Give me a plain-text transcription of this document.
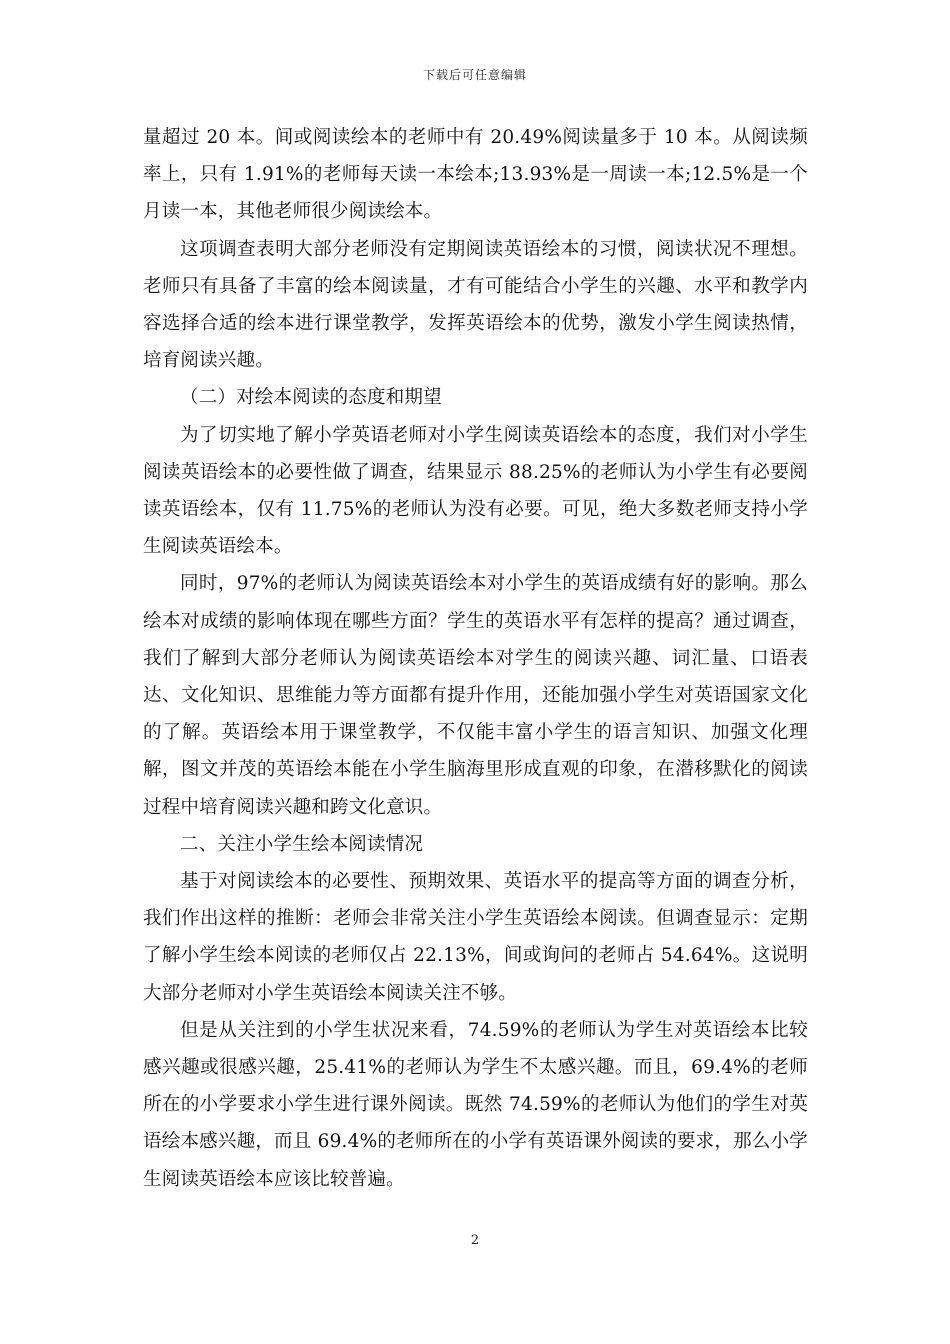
下载后可任意编辑

量超过 20 本。间或阅读绘本的老师中有 20.49%阅读量多于 10 本。从阅读频率上，只有 1.91%的老师每天读一本绘本;13.93%是一周读一本;12.5%是一个月读一本，其他老师很少阅读绘本。

这项调查表明大部分老师没有定期阅读英语绘本的习惯，阅读状况不理想。老师只有具备了丰富的绘本阅读量，才有可能结合小学生的兴趣、水平和教学内容选择合适的绘本进行课堂教学，发挥英语绘本的优势，激发小学生阅读热情，培育阅读兴趣。

（二）对绘本阅读的态度和期望

为了切实地了解小学英语老师对小学生阅读英语绘本的态度，我们对小学生阅读英语绘本的必要性做了调查，结果显示 88.25%的老师认为小学生有必要阅读英语绘本，仅有 11.75%的老师认为没有必要。可见，绝大多数老师支持小学生阅读英语绘本。

同时，97%的老师认为阅读英语绘本对小学生的英语成绩有好的影响。那么绘本对成绩的影响体现在哪些方面？学生的英语水平有怎样的提高？通过调查，我们了解到大部分老师认为阅读英语绘本对学生的阅读兴趣、词汇量、口语表达、文化知识、思维能力等方面都有提升作用，还能加强小学生对英语国家文化的了解。英语绘本用于课堂教学，不仅能丰富小学生的语言知识、加强文化理解，图文并茂的英语绘本能在小学生脑海里形成直观的印象，在潜移默化的阅读过程中培育阅读兴趣和跨文化意识。

二、关注小学生绘本阅读情况

基于对阅读绘本的必要性、预期效果、英语水平的提高等方面的调查分析，我们作出这样的推断：老师会非常关注小学生英语绘本阅读。但调查显示：定期了解小学生绘本阅读的老师仅占 22.13%，间或询问的老师占 54.64%。这说明大部分老师对小学生英语绘本阅读关注不够。

但是从关注到的小学生状况来看，74.59%的老师认为学生对英语绘本比较感兴趣或很感兴趣，25.41%的老师认为学生不太感兴趣。而且，69.4%的老师所在的小学要求小学生进行课外阅读。既然 74.59%的老师认为他们的学生对英语绘本感兴趣，而且 69.4%的老师所在的小学有英语课外阅读的要求，那么小学生阅读英语绘本应该比较普遍。

2
